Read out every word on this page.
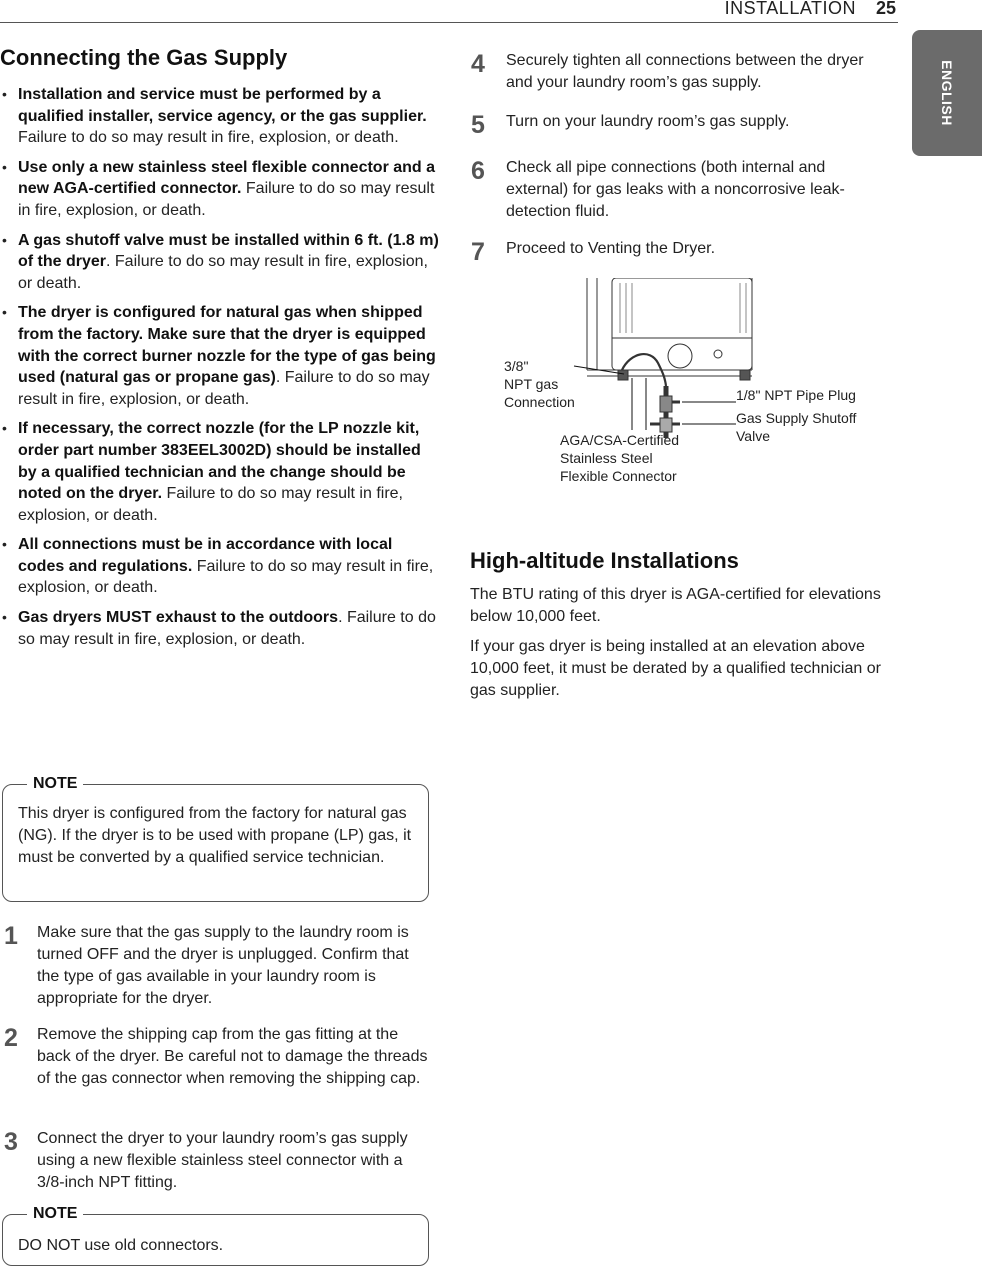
INSTALLATION 25
ENGLISH
Connecting the Gas Supply
• Installation and service must be performed by a qualified installer, service agency, or the gas supplier. Failure to do so may result in fire, explosion, or death.
• Use only a new stainless steel flexible connector and a new AGA-certified connector. Failure to do so may result in fire, explosion, or death.
• A gas shutoff valve must be installed within 6 ft. (1.8 m) of the dryer. Failure to do so may result in fire, explosion, or death.
• The dryer is configured for natural gas when shipped from the factory. Make sure that the dryer is equipped with the correct burner nozzle for the type of gas being used (natural gas or propane gas). Failure to do so may result in fire, explosion, or death.
• If necessary, the correct nozzle (for the LP nozzle kit, order part number 383EEL3002D) should be installed by a qualified technician and the change should be noted on the dryer. Failure to do so may result in fire, explosion, or death.
• All connections must be in accordance with local codes and regulations. Failure to do so may result in fire, explosion, or death.
• Gas dryers MUST exhaust to the outdoors. Failure to do so may result in fire, explosion, or death.
NOTE
This dryer is configured from the factory for natural gas (NG). If the dryer is to be used with propane (LP) gas, it must be converted by a qualified service technician.
1 Make sure that the gas supply to the laundry room is turned OFF and the dryer is unplugged. Confirm that the type of gas available in your laundry room is appropriate for the dryer.
2 Remove the shipping cap from the gas fitting at the back of the dryer. Be careful not to damage the threads of the gas connector when removing the shipping cap.
3 Connect the dryer to your laundry room’s gas supply using a new flexible stainless steel connector with a 3/8-inch NPT fitting.
NOTE
DO NOT use old connectors.
4 Securely tighten all connections between the dryer and your laundry room’s gas supply.
5 Turn on your laundry room’s gas supply.
6 Check all pipe connections (both internal and external) for gas leaks with a noncorrosive leak-detection fluid.
7 Proceed to Venting the Dryer.
3/8" NPT gas Connection	1/8" NPT Pipe Plug
Gas Supply Shutoff Valve
AGA/CSA-Certified Stainless Steel Flexible Connector
High-altitude Installations
The BTU rating of this dryer is AGA-certified for elevations below 10,000 feet.
If your gas dryer is being installed at an elevation above 10,000 feet, it must be derated by a qualified technician or gas supplier.
